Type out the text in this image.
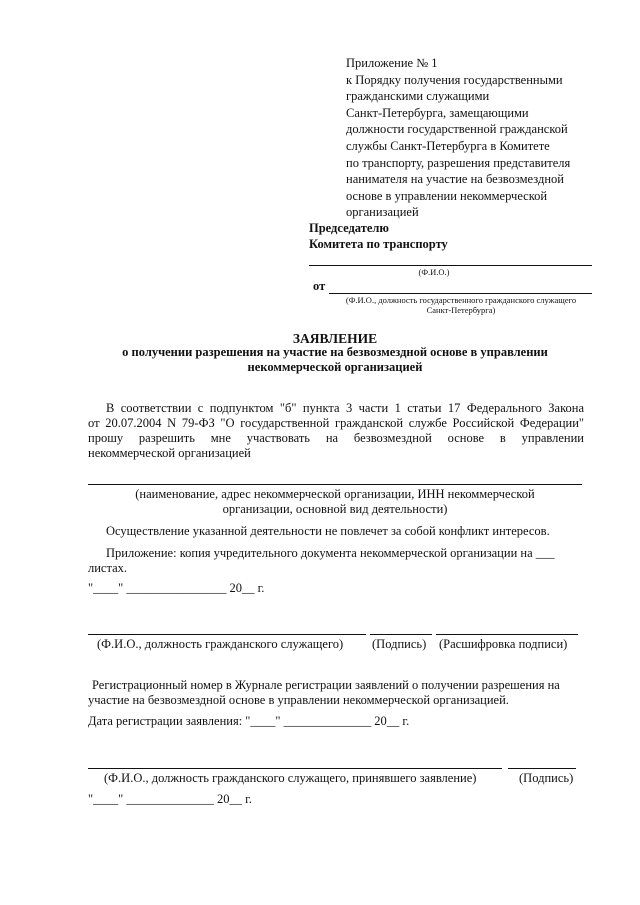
Приложение № 1
к Порядку получения государственными
гражданскими служащими
Санкт-Петербурга, замещающими
должности государственной гражданской
службы Санкт-Петербурга в Комитете
по транспорту, разрешения представителя
нанимателя на участие на безвозмездной
основе в управлении некоммерческой
организацией
Председателю
Комитета по транспорту
(Ф.И.О.)
от
(Ф.И.О., должность государственного гражданского служащего
Санкт-Петербурга)
ЗАЯВЛЕНИЕ
о получении разрешения на участие на безвозмездной основе в управлении
некоммерческой организацией
В соответствии с подпунктом "б" пункта 3 части 1 статьи 17 Федерального Закона
от 20.07.2004 N 79-ФЗ "О государственной гражданской службе Российской Федерации"
прошу разрешить мне участвовать на безвозмездной основе в управлении
некоммерческой организацией
(наименование, адрес некоммерческой организации, ИНН некоммерческой
организации, основной вид деятельности)
Осуществление указанной деятельности не повлечет за собой конфликт интересов.
Приложение: копия учредительного документа некоммерческой организации на ___
листах.
"____" ________________ 20__ г.
(Ф.И.О., должность гражданского служащего) (Подпись) (Расшифровка подписи)
Регистрационный номер в Журнале регистрации заявлений о получении разрешения на
участие на безвозмездной основе в управлении некоммерческой организацией.
Дата регистрации заявления: "____" ______________ 20__ г.
(Ф.И.О., должность гражданского служащего, принявшего заявление)	(Подпись)
"____" ______________ 20__ г.
